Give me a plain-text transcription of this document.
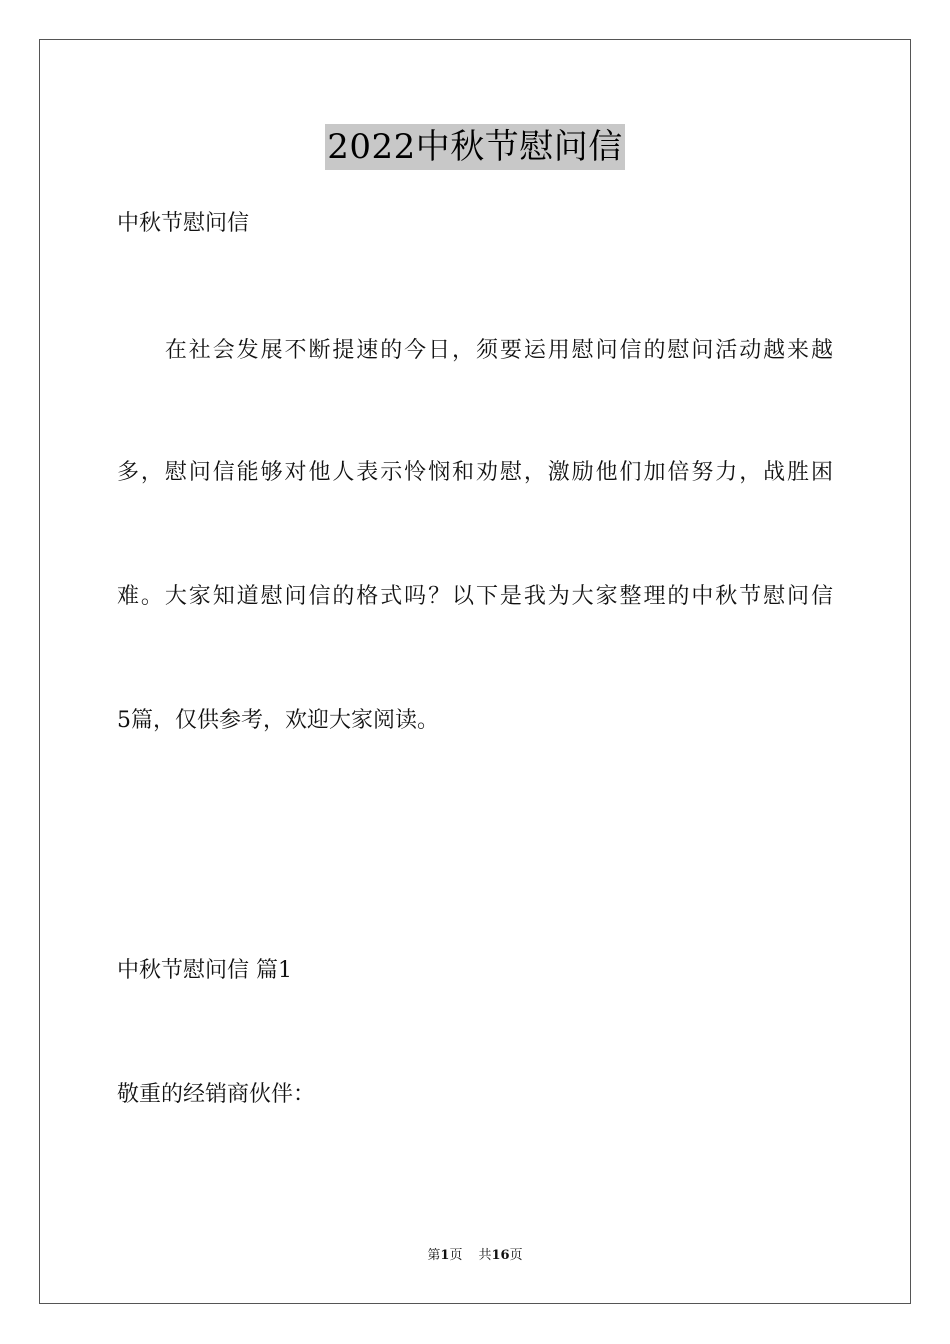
2022中秋节慰问信
中秋节慰问信
　　在社会发展不断提速的今日，须要运用慰问信的慰问活动越来越
多，慰问信能够对他人表示怜悯和劝慰，激励他们加倍努力，战胜困
难。大家知道慰问信的格式吗？以下是我为大家整理的中秋节慰问信
5篇，仅供参考，欢迎大家阅读。
中秋节慰问信 篇1
敬重的经销商伙伴：
第1页 共16页
